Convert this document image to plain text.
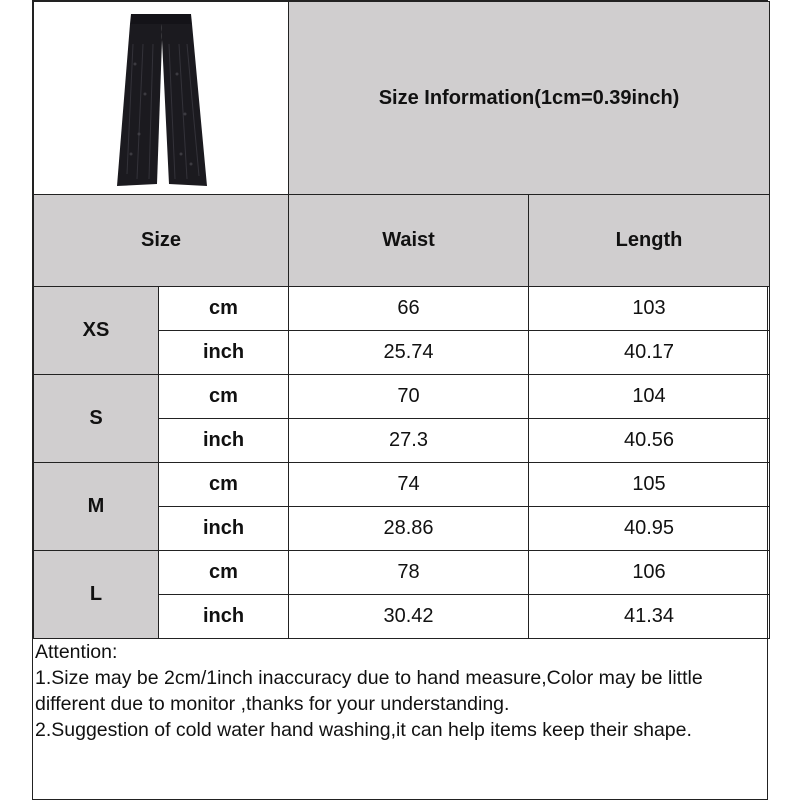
	Size Information(1cm=0.39inch)	
Size		Waist	Length
XS	cm	66	103
	inch	25.74	40.17
S	cm	70	104
	inch	27.3	40.56
M	cm	74	105
	inch	28.86	40.95
L	cm	78	106
	inch	30.42	41.34
Attention:
1.Size may be 2cm/1inch inaccuracy due to hand measure,Color may be little different due to monitor ,thanks for your understanding.
2.Suggestion of cold water hand washing,it can help items keep their shape.
